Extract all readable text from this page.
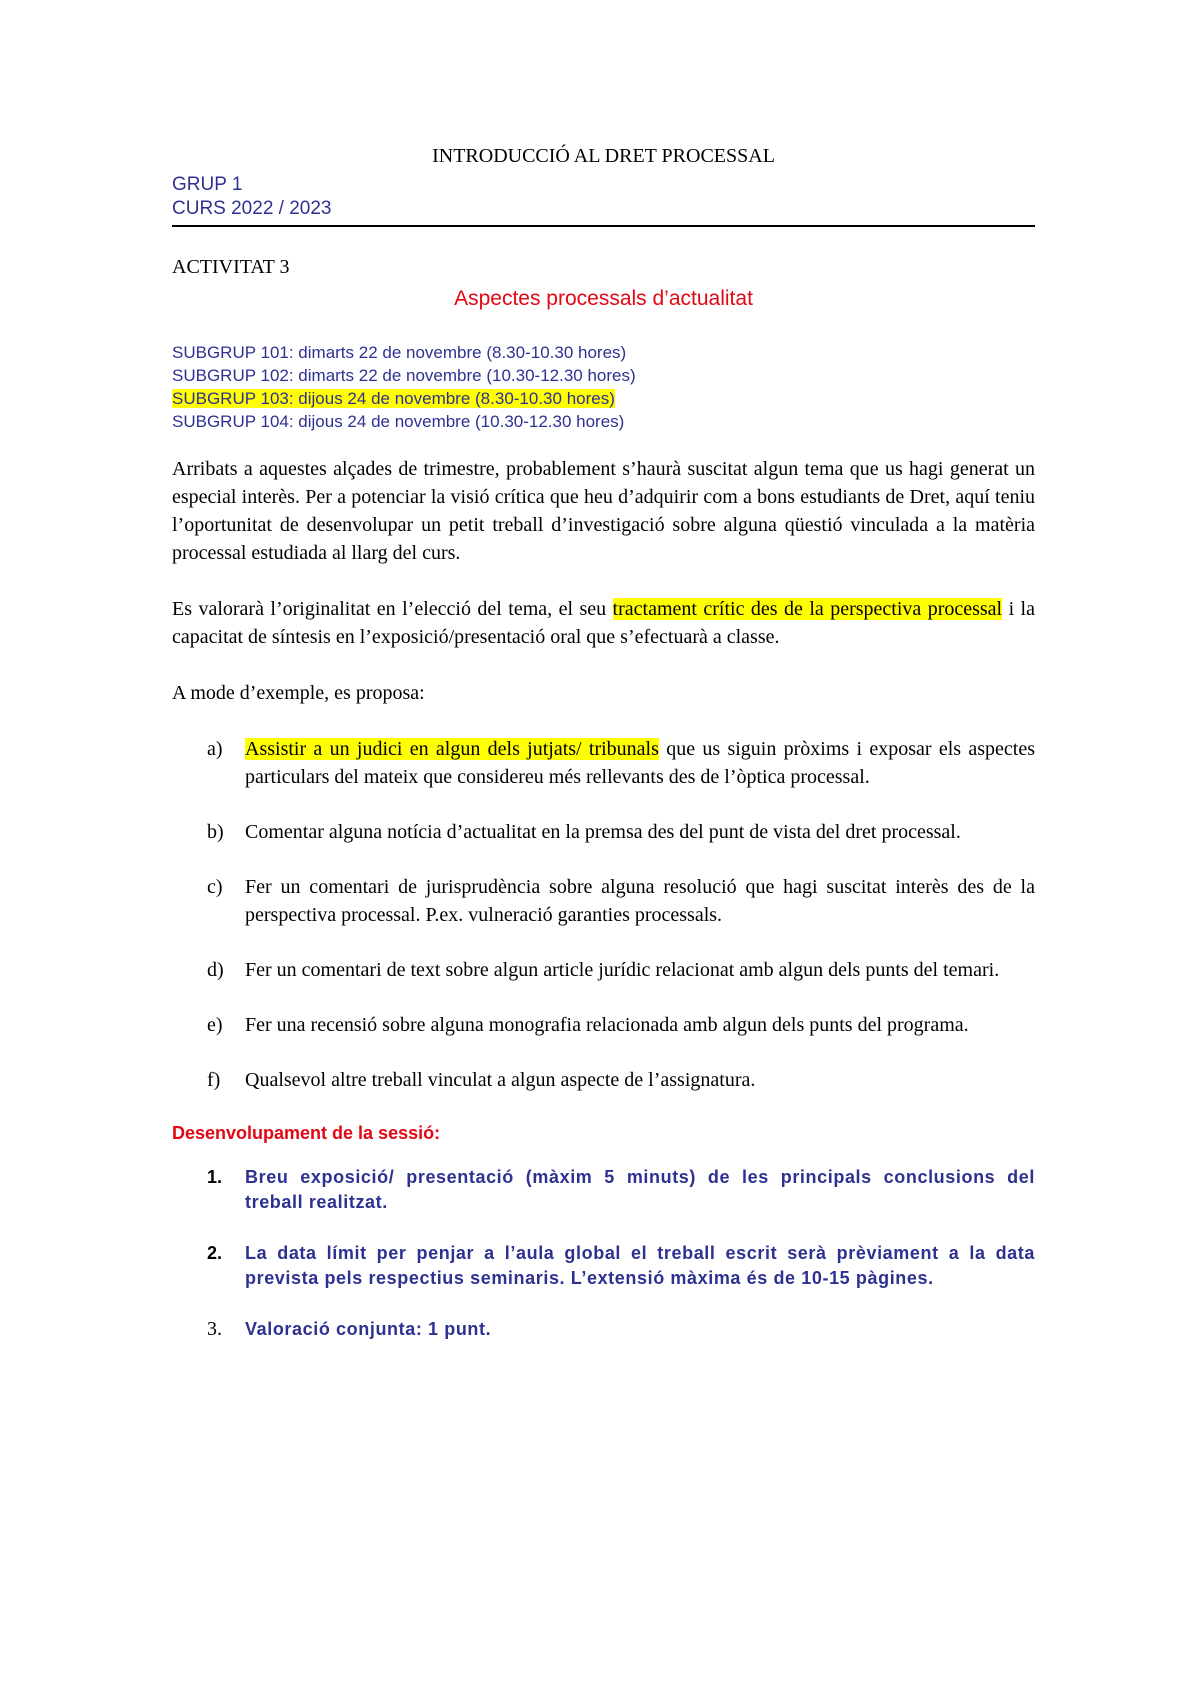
INTRODUCCIÓ AL DRET PROCESSAL

GRUP 1

CURS 2022 / 2023

ACTIVITAT 3

Aspectes processals d’actualitat

SUBGRUP 101: dimarts 22 de novembre (8.30-10.30 hores)
SUBGRUP 102: dimarts 22 de novembre (10.30-12.30 hores)
SUBGRUP 103: dijous 24 de novembre (8.30-10.30 hores)
SUBGRUP 104: dijous 24 de novembre (10.30-12.30 hores)

Arribats a aquestes alçades de trimestre, probablement s’haurà suscitat algun tema que us hagi generat un especial interès. Per a potenciar la visió crítica que heu d’adquirir com a bons estudiants de Dret, aquí teniu l’oportunitat de desenvolupar un petit treball d’investigació sobre alguna qüestió vinculada a la matèria processal estudiada al llarg del curs.

Es valorarà l’originalitat en l’elecció del tema, el seu tractament crític des de la perspectiva processal i la capacitat de síntesis en l’exposició/presentació oral que s’efectuarà a classe.

A mode d’exemple, es proposa:

a)	Assistir a un judici en algun dels jutjats/ tribunals que us siguin pròxims i exposar els aspectes particulars del mateix que considereu més rellevants des de l’òptica processal.
b)	Comentar alguna notícia d’actualitat en la premsa des del punt de vista del dret processal.
c)	Fer un comentari de jurisprudència sobre alguna resolució que hagi suscitat interès des de la perspectiva processal. P.ex. vulneració garanties processals.
d)	Fer un comentari de text sobre algun article jurídic relacionat amb algun dels punts del temari.
e)	Fer una recensió sobre alguna monografia relacionada amb algun dels punts del programa.
f)	Qualsevol altre treball vinculat a algun aspecte de l’assignatura.
Desenvolupament de la sessió:
1.	Breu exposició/ presentació (màxim 5 minuts) de les principals conclusions del treball realitzat.
2.	La data límit per penjar a l’aula global el treball escrit serà prèviament a la data prevista pels respectius seminaris. L’extensió màxima és de 10-15 pàgines.
3.	Valoració conjunta: 1 punt.
